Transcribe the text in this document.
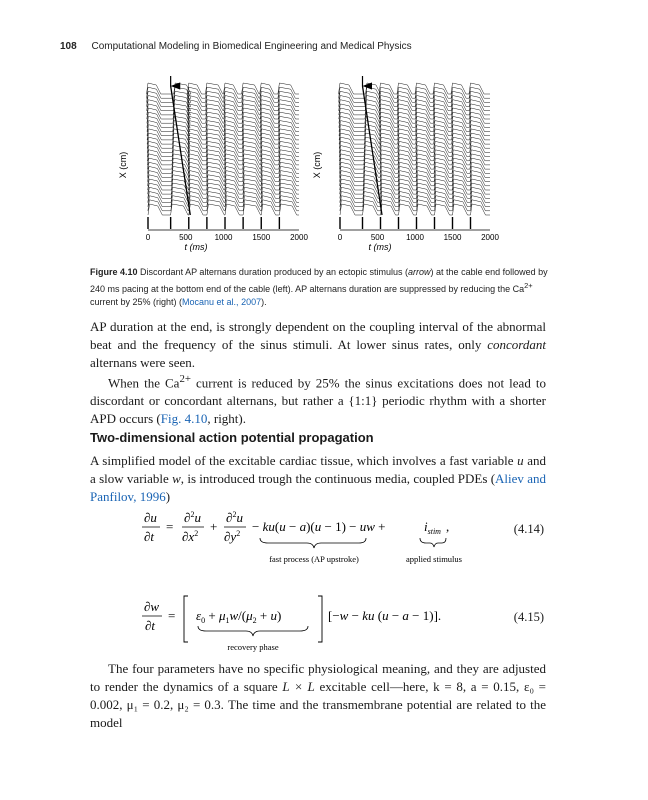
108 Computational Modeling in Biomedical Engineering and Medical Physics
X (cm)
0	500	1000 1500 2000
t (ms)
X (cm)
0	500	1000 1500 2000
t (ms)
Figure 4.10 Discordant AP alternans duration produced by an ectopic stimulus (arrow) at the cable end followed by 240 ms pacing at the bottom end of the cable (left). AP alternans duration are suppressed by reducing the $Ca^{2+}$ current by 25% (right) (Mocanu et al., 2007).

AP duration at the end, is strongly dependent on the coupling interval of the abnormal beat and the frequency of the sinus stimuli. At lower sinus rates, only concordant alternans were seen.

When the $Ca^{2+}$ current is reduced by 25% the sinus excitations does not lead to discordant or concordant alternans, but rather a {1:1} periodic rhythm with a shorter APD occurs (Fig. 4.10, right).

Two-dimensional action potential propagation

A simplified model of the excitable cardiac tissue, which involves a fast variable u and a slow variable w, is introduced trough the continuous media, coupled PDEs (Aliev and Panfilov, 1996)

∂u
∂t
=
∂$^2$u
$\partial x^2$ +
∂$^2$u
$\partial y^2 - ku(u - a)(u - 1)$ − uw +	$i_{stim}$ ,
fast process (AP upstroke)	applied stimulus
(4.14)
∂w
∂t
= $\varepsilon_0 + \mu_1w/(\mu_2 + u)$	[−w − ku (u − a − 1)].
recovery phase
(4.15)

The four parameters have no specific physiological meaning, and they are adjusted to render the dynamics of a square L × L excitable cell—here, k = 8, a = 0.15, ε₀ = 0.002, μ₁ = 0.2, μ₂ = 0.3. The time and the transmembrane potential are related to the model
